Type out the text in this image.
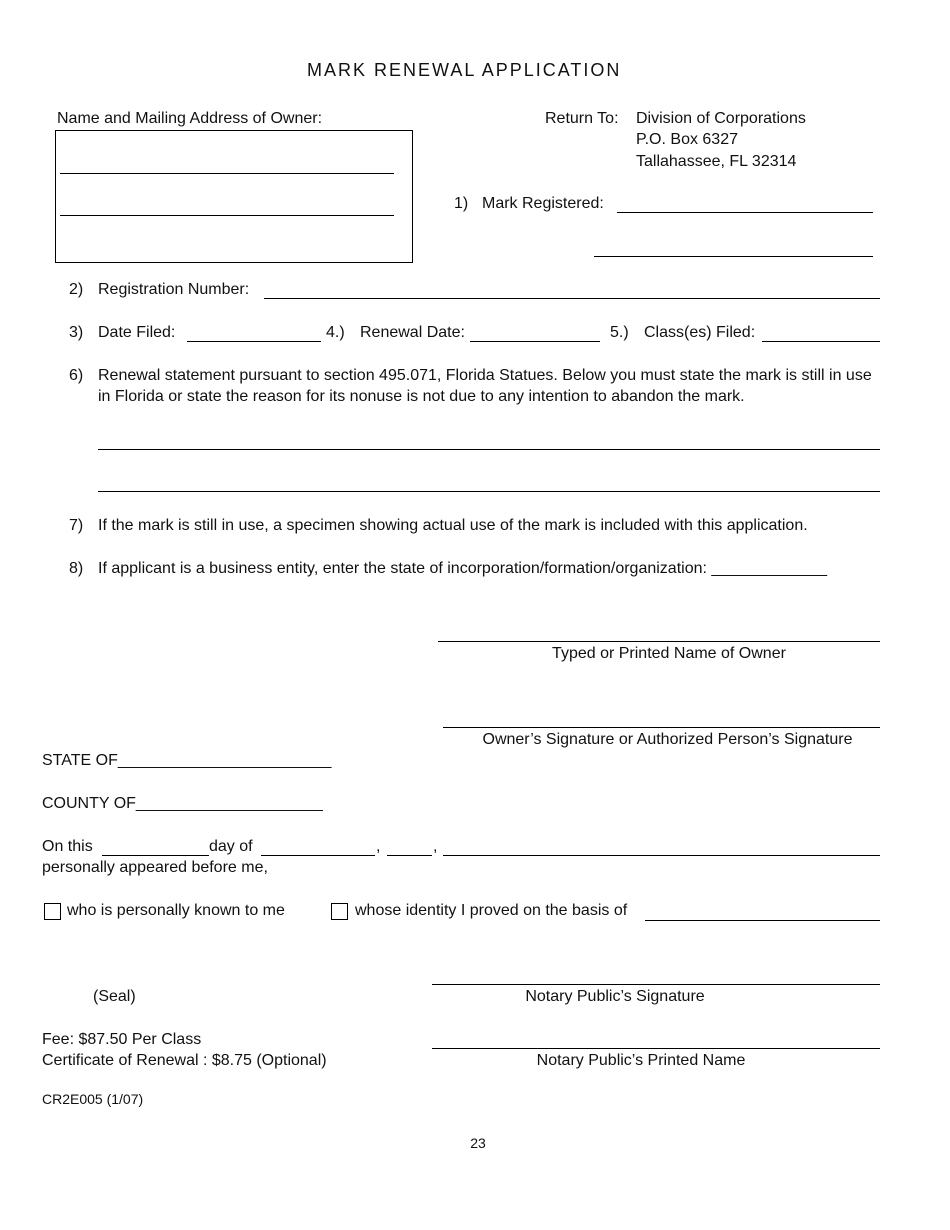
MARK RENEWAL APPLICATION
Name and Mailing Address of Owner:	Return To: Division of Corporations
P.O. Box 6327
Tallahassee, FL 32314
1) Mark Registered:
2) Registration Number:
3) Date Filed:	4.) Renewal Date:	5.) Class(es) Filed:
6) Renewal statement pursuant to section 495.071, Florida Statues. Below you must state the mark is still in use
in Florida or state the reason for its nonuse is not due to any intention to abandon the mark.
7) If the mark is still in use, a specimen showing actual use of the mark is included with this application.
8) If applicant is a business entity, enter the state of incorporation/formation/organization: _____________
Typed or Printed Name of Owner
Owner’s Signature or Authorized Person’s Signature
STATE OF________________________
COUNTY OF_____________________
On this	day of	,	,
personally appeared before me,
who is personally known to me	whose identity I proved on the basis of
(Seal)	Notary Public’s Signature
Fee: $87.50 Per Class
Certificate of Renewal : $8.75 (Optional)	Notary Public’s Printed Name
CR2E005 (1/07)
23
